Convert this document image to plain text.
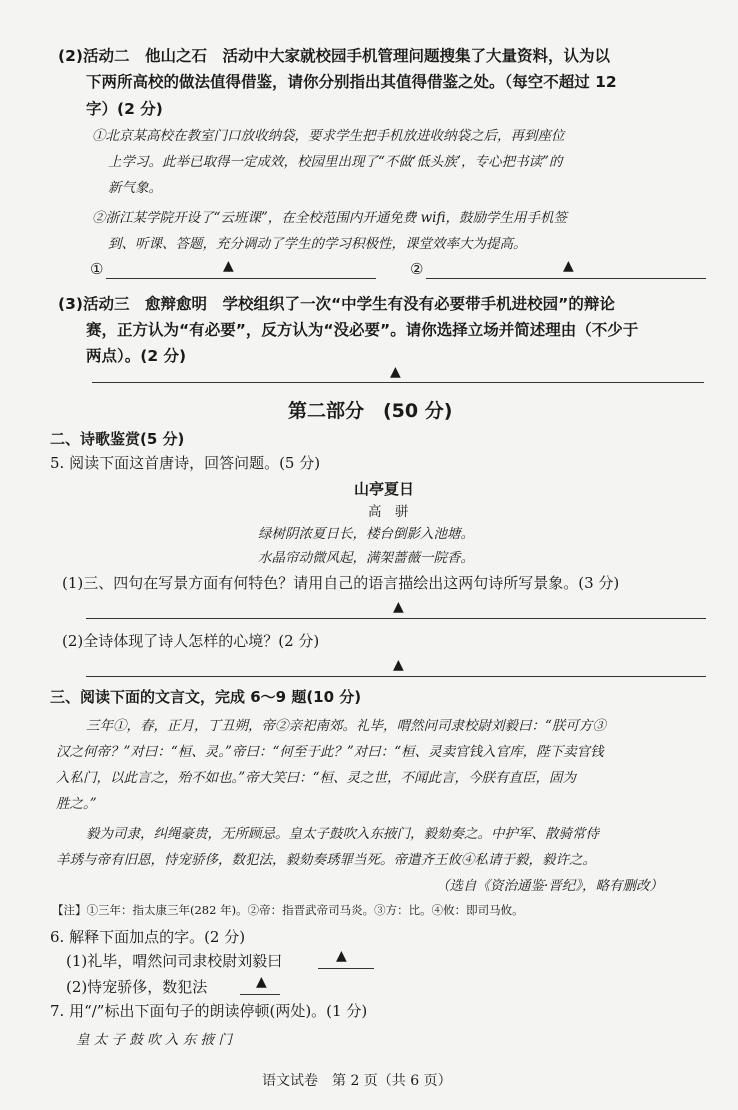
(2)活动二　他山之石　活动中大家就校园手机管理问题搜集了大量资料，认为以
下两所高校的做法值得借鉴，请你分别指出其值得借鉴之处。（每空不超过 12
字）(2 分)
①北京某高校在教室门口放收纳袋，要求学生把手机放进收纳袋之后，再到座位
上学习。此举已取得一定成效，校园里出现了“不做‘低头族’，专心把书读”的
新气象。
②浙江某学院开设了“云班课”，在全校范围内开通免费 wifi，鼓励学生用手机签
到、听课、答题，充分调动了学生的学习积极性，课堂效率大为提高。
①	▲	②	▲
(3)活动三　愈辩愈明　学校组织了一次“中学生有没有必要带手机进校园”的辩论
赛，正方认为“有必要”，反方认为“没必要”。请你选择立场并简述理由（不少于
两点）。(2 分)
▲
第二部分　(50 分)
二、诗歌鉴赏(5 分)
5. 阅读下面这首唐诗，回答问题。(5 分)
山亭夏日
高　骈
绿树阴浓夏日长，楼台倒影入池塘。
水晶帘动微风起，满架蔷薇一院香。
(1)三、四句在写景方面有何特色？请用自己的语言描绘出这两句诗所写景象。(3 分)
▲
(2)全诗体现了诗人怎样的心境？(2 分)
▲
三、阅读下面的文言文，完成 6～9 题(10 分)
三年①，春，正月，丁丑朔，帝②亲祀南郊。礼毕，喟然问司隶校尉刘毅曰：“朕可方③
汉之何帝？”对曰：“桓、灵。”帝曰：“何至于此？”对曰：“桓、灵卖官钱入官库，陛下卖官钱
入私门，以此言之，殆不如也。”帝大笑曰：“桓、灵之世，不闻此言，今朕有直臣，固为
胜之。”
毅为司隶，纠绳豪贵，无所顾忌。皇太子鼓吹入东掖门，毅劾奏之。中护军、散骑常侍
羊琇与帝有旧恩，恃宠骄侈，数犯法，毅劾奏琇罪当死。帝遣齐王攸④私请于毅，毅许之。
（选自《资治通鉴·晋纪》，略有删改）
【注】①三年：指太康三年(282 年)。②帝：指晋武帝司马炎。③方：比。④攸：即司马攸。
6. 解释下面加点的字。(2 分)
(1)礼毕，喟然问司隶校尉刘毅曰	▲
(2)恃宠骄侈，数犯法	▲
7. 用“/”标出下面句子的朗读停顿(两处)。(1 分)
皇 太 子 鼓 吹 入 东 掖 门
语文试卷　第 2 页（共 6 页）
